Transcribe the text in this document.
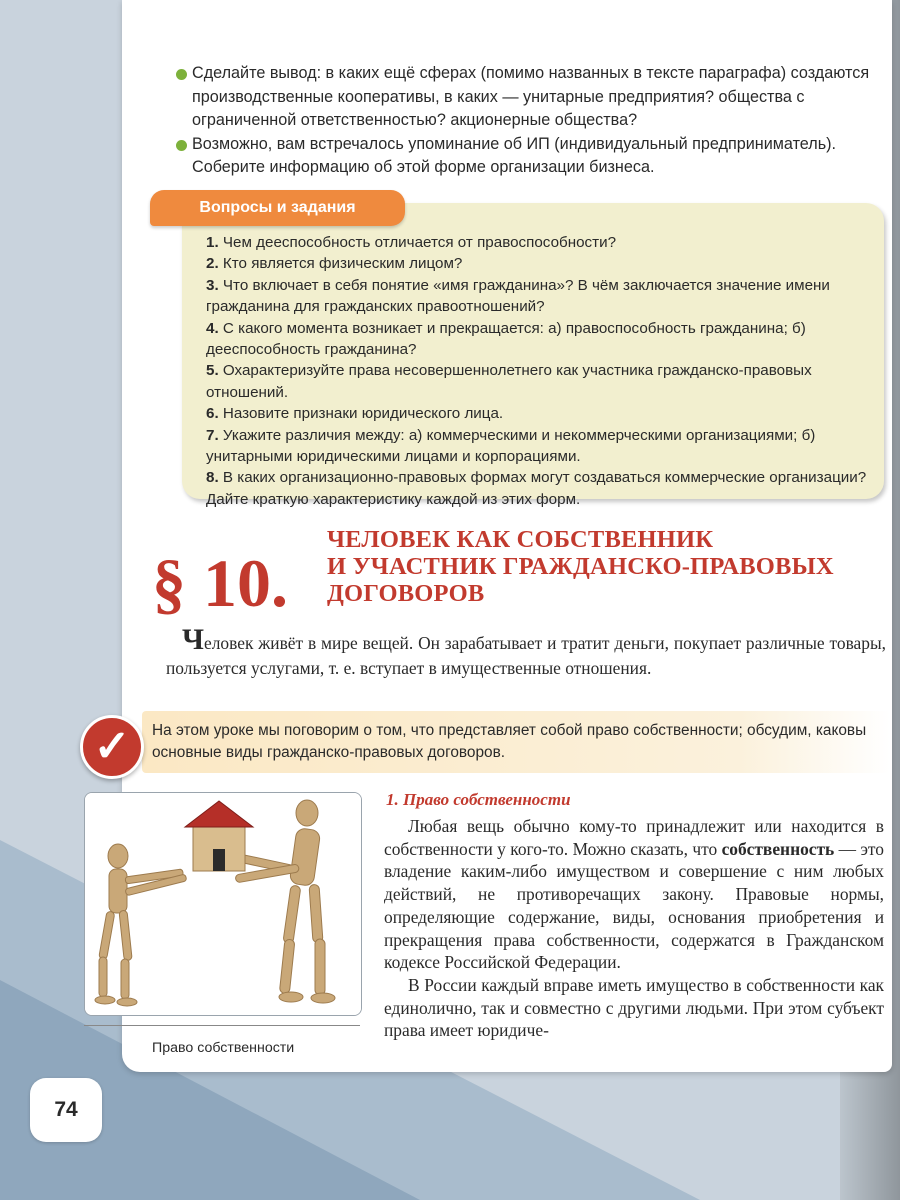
Сделайте вывод: в каких ещё сферах (помимо названных в тексте параграфа) создаются производственные кооперативы, в каких — унитарные предприятия? общества с ограниченной ответственностью? акционерные общества?
Возможно, вам встречалось упоминание об ИП (индивидуальный предприниматель). Соберите информацию об этой форме организации бизнеса.
Вопросы и задания
1. Чем дееспособность отличается от правоспособности?
2. Кто является физическим лицом?
3. Что включает в себя понятие «имя гражданина»? В чём заключается значение имени гражданина для гражданских правоотношений?
4. С какого момента возникает и прекращается: а) правоспособность гражданина; б) дееспособность гражданина?
5. Охарактеризуйте права несовершеннолетнего как участника гражданско-правовых отношений.
6. Назовите признаки юридического лица.
7. Укажите различия между: а) коммерческими и некоммерческими организациями; б) унитарными юридическими лицами и корпорациями.
8. В каких организационно-правовых формах могут создаваться коммерческие организации? Дайте краткую характеристику каждой из этих форм.
§ 10.
ЧЕЛОВЕК КАК СОБСТВЕННИК
И УЧАСТНИК ГРАЖДАНСКО-ПРАВОВЫХ
ДОГОВОРОВ
Человек живёт в мире вещей. Он зарабатывает и тратит деньги, покупает различные товары, пользуется услугами, т. е. вступает в имущественные отношения.
✓	На этом уроке мы поговорим о том, что представляет собой право собственности; обсудим, каковы основные виды гражданско-правовых договоров.
Право собственности
1. Право собственности

Любая вещь обычно кому-то принадлежит или находится в собственности у кого-то. Можно сказать, что собственность — это владение каким-либо имуществом и совершение с ним любых действий, не противоречащих закону. Правовые нормы, определяющие содержание, виды, основания приобретения и прекращения права собственности, содержатся в Гражданском кодексе Российской Федерации.

В России каждый вправе иметь имущество в собственности как единолично, так и совместно с другими людьми. При этом субъект права имеет юридиче-

74
